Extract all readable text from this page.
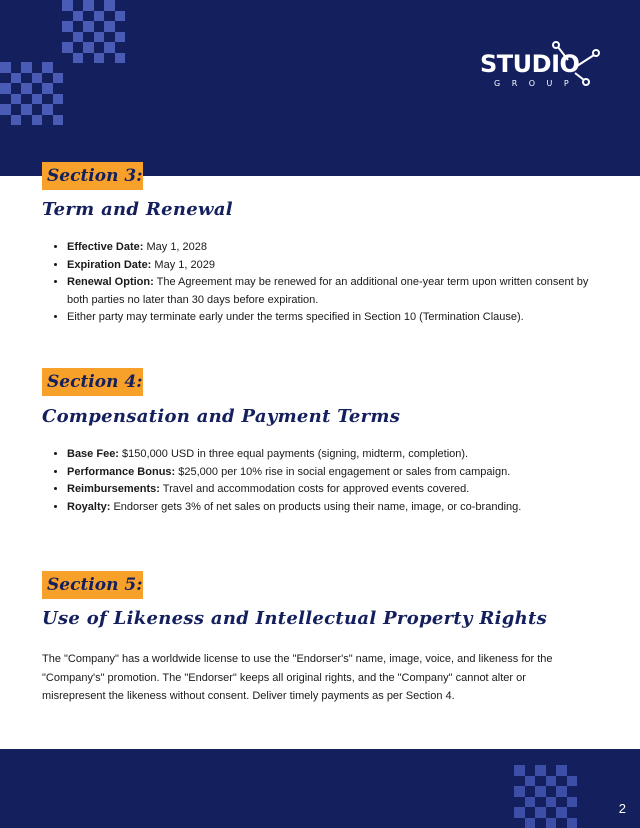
STUDIO
GROUP
Section 3:
Term and Renewal
• Effective Date: May 1, 2028
• Expiration Date: May 1, 2029
• Renewal Option: The Agreement may be renewed for an additional one-year term upon written consent by both parties no later than 30 days before expiration.
• Either party may terminate early under the terms specified in Section 10 (Termination Clause).
Section 4:
Compensation and Payment Terms
• Base Fee: $150,000 USD in three equal payments (signing, midterm, completion).
• Performance Bonus: $25,000 per 10% rise in social engagement or sales from campaign.
• Reimbursements: Travel and accommodation costs for approved events covered.
• Royalty: Endorser gets 3% of net sales on products using their name, image, or co-branding.
Section 5:
Use of Likeness and Intellectual Property Rights

The "Company" has a worldwide license to use the "Endorser's" name, image, voice, and likeness for the "Company's" promotion. The "Endorser" keeps all original rights, and the "Company" cannot alter or misrepresent the likeness without consent. Deliver timely payments as per Section 4.

2
